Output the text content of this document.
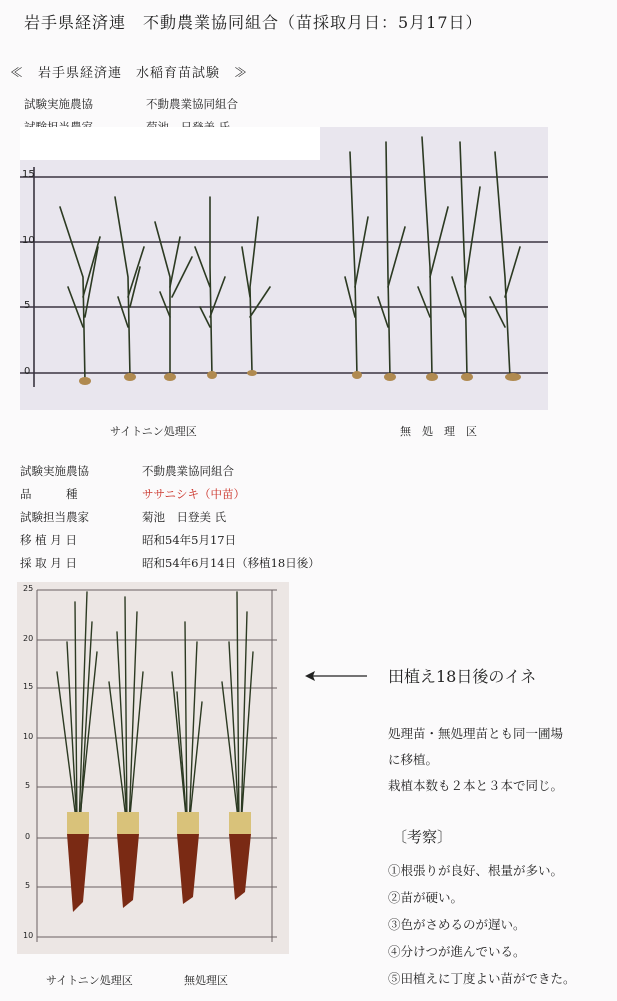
岩手県経済連　不動農業協同組合（苗採取月日：5月17日）
≪　岩手県経済連　水稲育苗試験　≫
試験実施農協	不動農業協同組合
15
10
5
0
サイトニン処理区	無　処　理　区
試験実施農協	不動農業協同組合
品　　　種	ササニシキ（中苗）
試験担当農家	菊池　日登美 氏
移 植 月 日	昭和54年5月17日
採 取 月 日	昭和54年6月14日（移植18日後）
25
20
15
10
5
0
5
10
サイトニン処理区	無処理区
田植え18日後のイネ
処理苗・無処理苗とも同一圃場
に移植。
栽植本数も２本と３本で同じ。
〔考察〕
①根張りが良好、根量が多い。
②苗が硬い。
③色がさめるのが遅い。
④分けつが進んでいる。
⑤田植えに丁度よい苗ができた。
